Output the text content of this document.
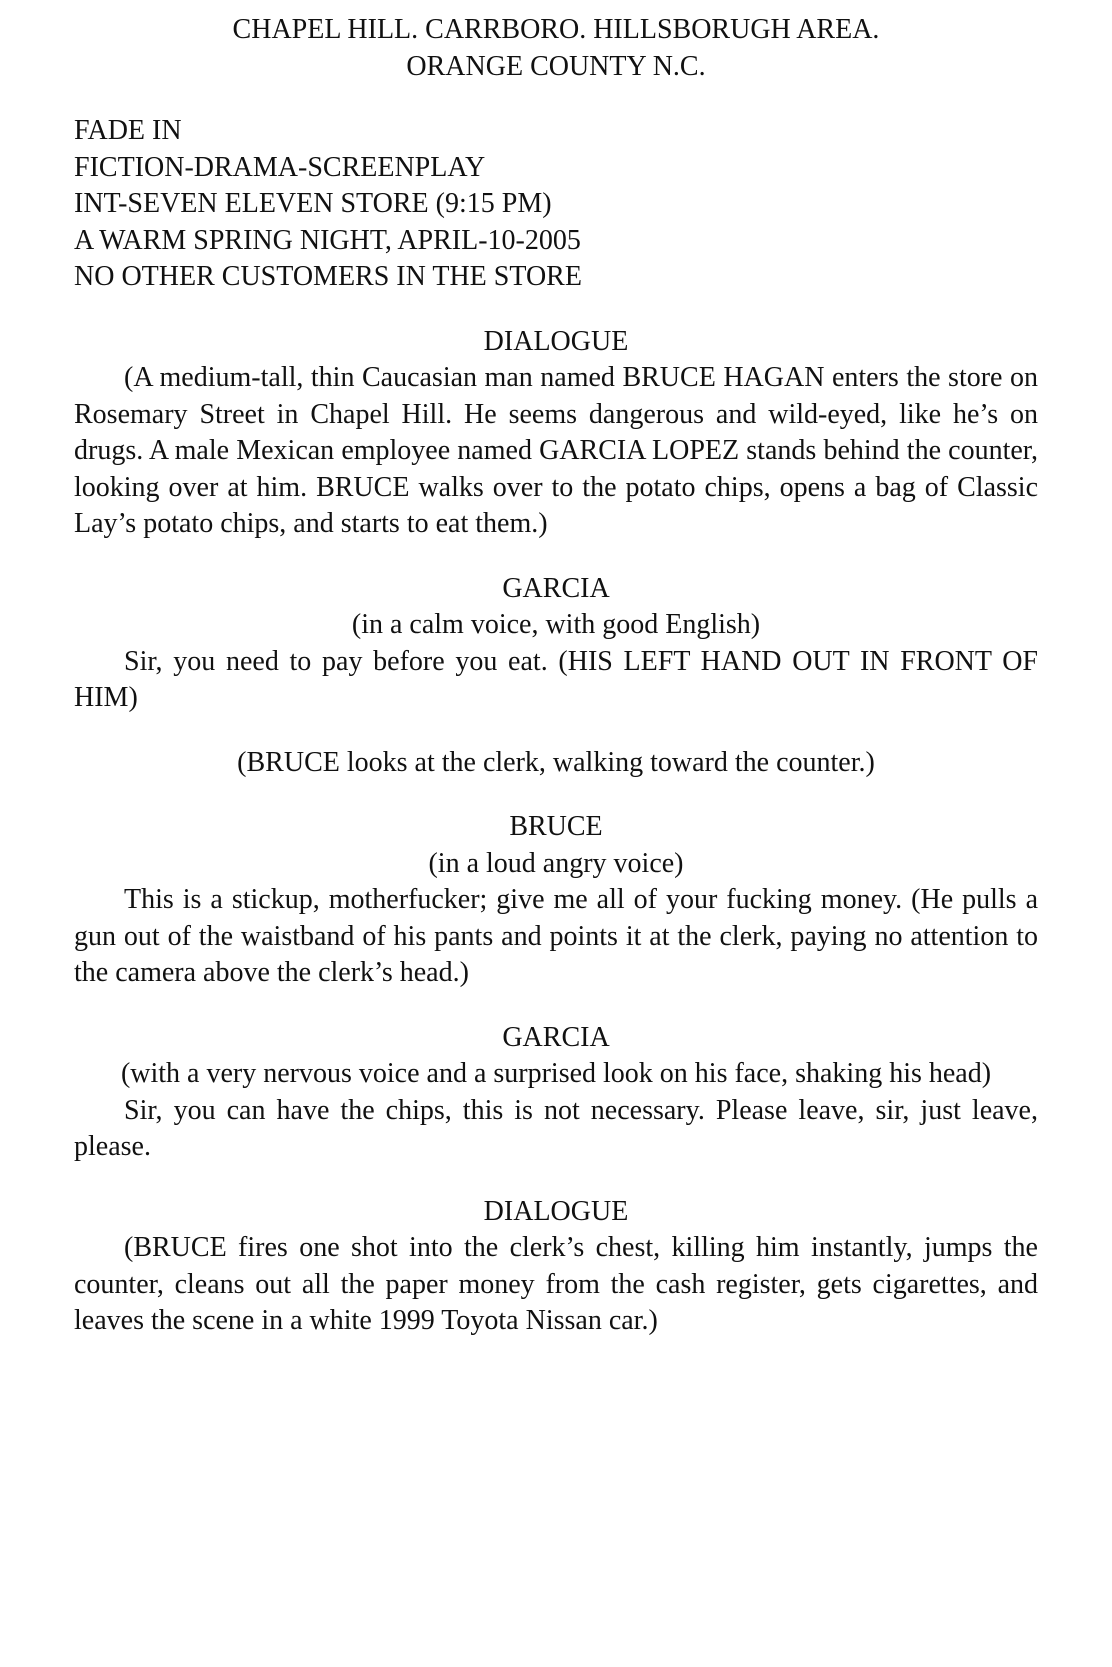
CHAPEL HILL. CARRBORO. HILLSBORUGH AREA.
ORANGE COUNTY N.C.
FADE IN
FICTION-DRAMA-SCREENPLAY
INT-SEVEN ELEVEN STORE (9:15 PM)
A WARM SPRING NIGHT, APRIL-10-2005
NO OTHER CUSTOMERS IN THE STORE
DIALOGUE
(A medium-tall, thin Caucasian man named BRUCE HAGAN enters the store on Rosemary Street in Chapel Hill. He seems dangerous and wild-eyed, like he’s on drugs. A male Mexican employee named GARCIA LOPEZ stands behind the counter, looking over at him. BRUCE walks over to the potato chips, opens a bag of Classic Lay’s potato chips, and starts to eat them.)
GARCIA
(in a calm voice, with good English)
Sir, you need to pay before you eat. (HIS LEFT HAND OUT IN FRONT OF HIM)
(BRUCE looks at the clerk, walking toward the counter.)
BRUCE
(in a loud angry voice)
This is a stickup, motherfucker; give me all of your fucking money. (He pulls a gun out of the waistband of his pants and points it at the clerk, paying no attention to the camera above the clerk’s head.)
GARCIA
(with a very nervous voice and a surprised look on his face, shaking his head)
Sir, you can have the chips, this is not necessary. Please leave, sir, just leave, please.
DIALOGUE
(BRUCE fires one shot into the clerk’s chest, killing him instantly, jumps the counter, cleans out all the paper money from the cash register, gets cigarettes, and leaves the scene in a white 1999 Toyota Nissan car.)
